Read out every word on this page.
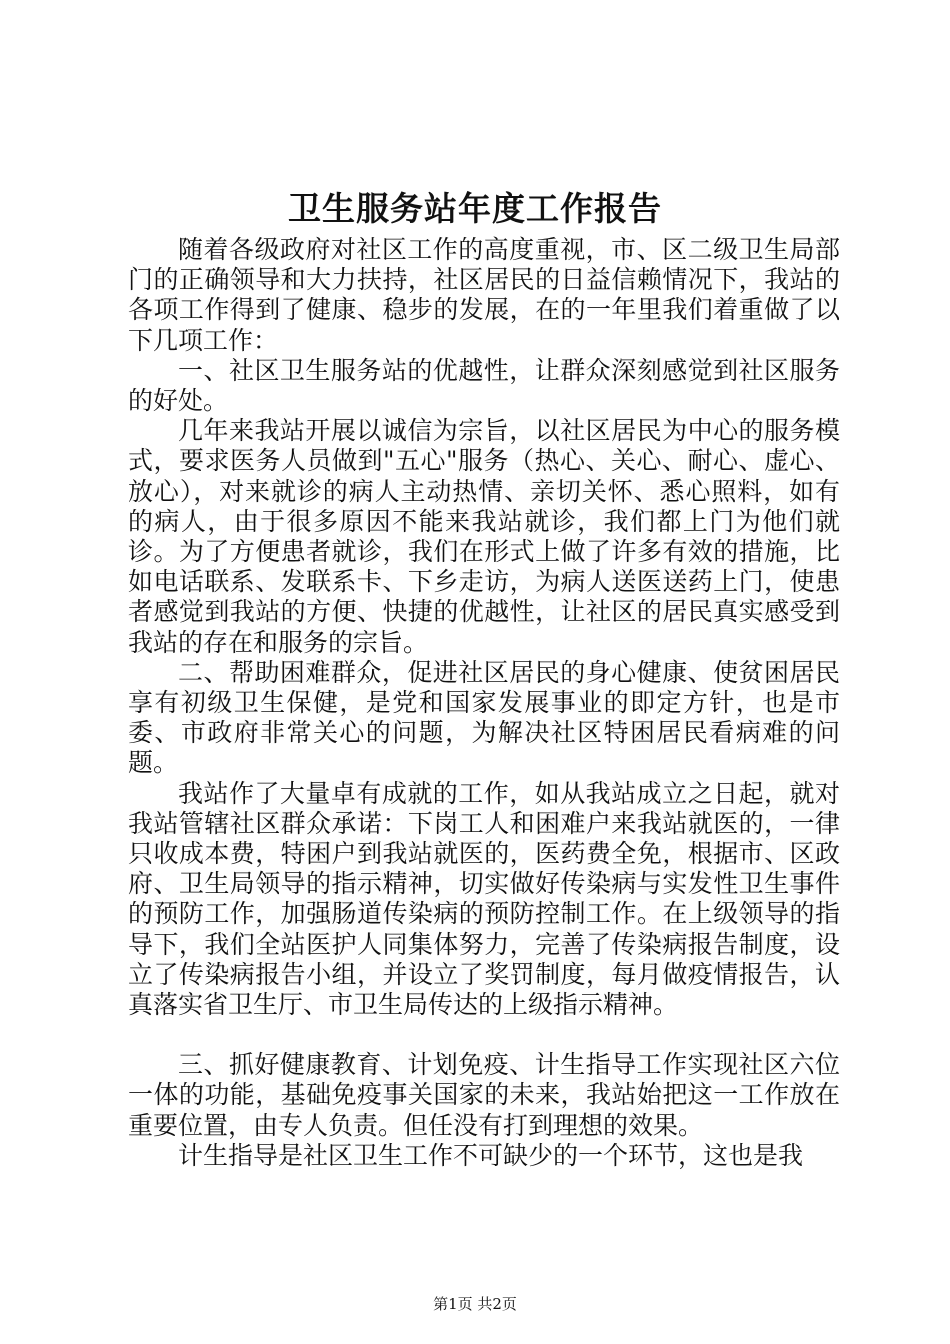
卫生服务站年度工作报告

随着各级政府对社区工作的高度重视，市、区二级卫生局部门的正确领导和大力扶持，社区居民的日益信赖情况下，我站的各项工作得到了健康、稳步的发展，在的一年里我们着重做了以下几项工作：

一、社区卫生服务站的优越性，让群众深刻感觉到社区服务的好处。

几年来我站开展以诚信为宗旨，以社区居民为中心的服务模式，要求医务人员做到"五心"服务（热心、关心、耐心、虚心、放心），对来就诊的病人主动热情、亲切关怀、悉心照料，如有的病人，由于很多原因不能来我站就诊，我们都上门为他们就诊。为了方便患者就诊，我们在形式上做了许多有效的措施，比如电话联系、发联系卡、下乡走访，为病人送医送药上门，使患者感觉到我站的方便、快捷的优越性，让社区的居民真实感受到我站的存在和服务的宗旨。

二、帮助困难群众，促进社区居民的身心健康、使贫困居民享有初级卫生保健，是党和国家发展事业的即定方针，也是市委、市政府非常关心的问题，为解决社区特困居民看病难的问题。

我站作了大量卓有成就的工作，如从我站成立之日起，就对我站管辖社区群众承诺：下岗工人和困难户来我站就医的，一律只收成本费，特困户到我站就医的，医药费全免，根据市、区政府、卫生局领导的指示精神，切实做好传染病与实发性卫生事件的预防工作，加强肠道传染病的预防控制工作。在上级领导的指导下，我们全站医护人同集体努力，完善了传染病报告制度，设立了传染病报告小组，并设立了奖罚制度，每月做疫情报告，认真落实省卫生厅、市卫生局传达的上级指示精神。

三、抓好健康教育、计划免疫、计生指导工作实现社区六位一体的功能，基础免疫事关国家的未来，我站始把这一工作放在重要位置，由专人负责。但任没有打到理想的效果。

计生指导是社区卫生工作不可缺少的一个环节，这也是我

第1页 共2页
